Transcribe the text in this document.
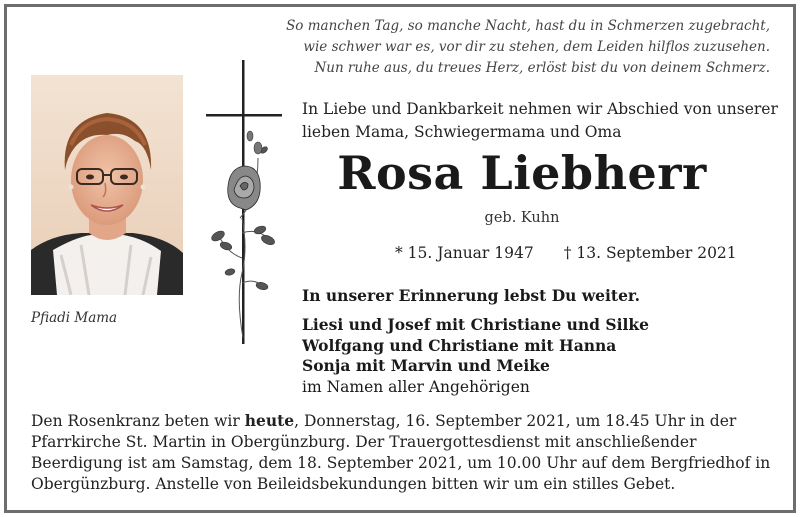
So manchen Tag, so manche Nacht, hast du in Schmerzen zugebracht,
wie schwer war es, vor dir zu stehen, dem Leiden hilflos zuzusehen.
Nun ruhe aus, du treues Herz, erlöst bist du von deinem Schmerz.
Pfiadi Mama
In Liebe und Dankbarkeit nehmen wir Abschied von unserer
lieben Mama, Schwiegermama und Oma
Rosa Liebherr
geb. Kuhn
* 15. Januar 1947 † 13. September 2021
In unserer Erinnerung lebst Du weiter.
Liesi und Josef mit Christiane und Silke
Wolfgang und Christiane mit Hanna
Sonja mit Marvin und Meike
im Namen aller Angehörigen
Den Rosenkranz beten wir heute, Donnerstag, 16. September 2021, um 18.45 Uhr in der Pfarrkirche St. Martin in Obergünzburg. Der Trauergottesdienst mit anschließender Beerdigung ist am Samstag, dem 18. September 2021, um 10.00 Uhr auf dem Bergfriedhof in Obergünzburg. Anstelle von Beileidsbekundungen bitten wir um ein stilles Gebet.
